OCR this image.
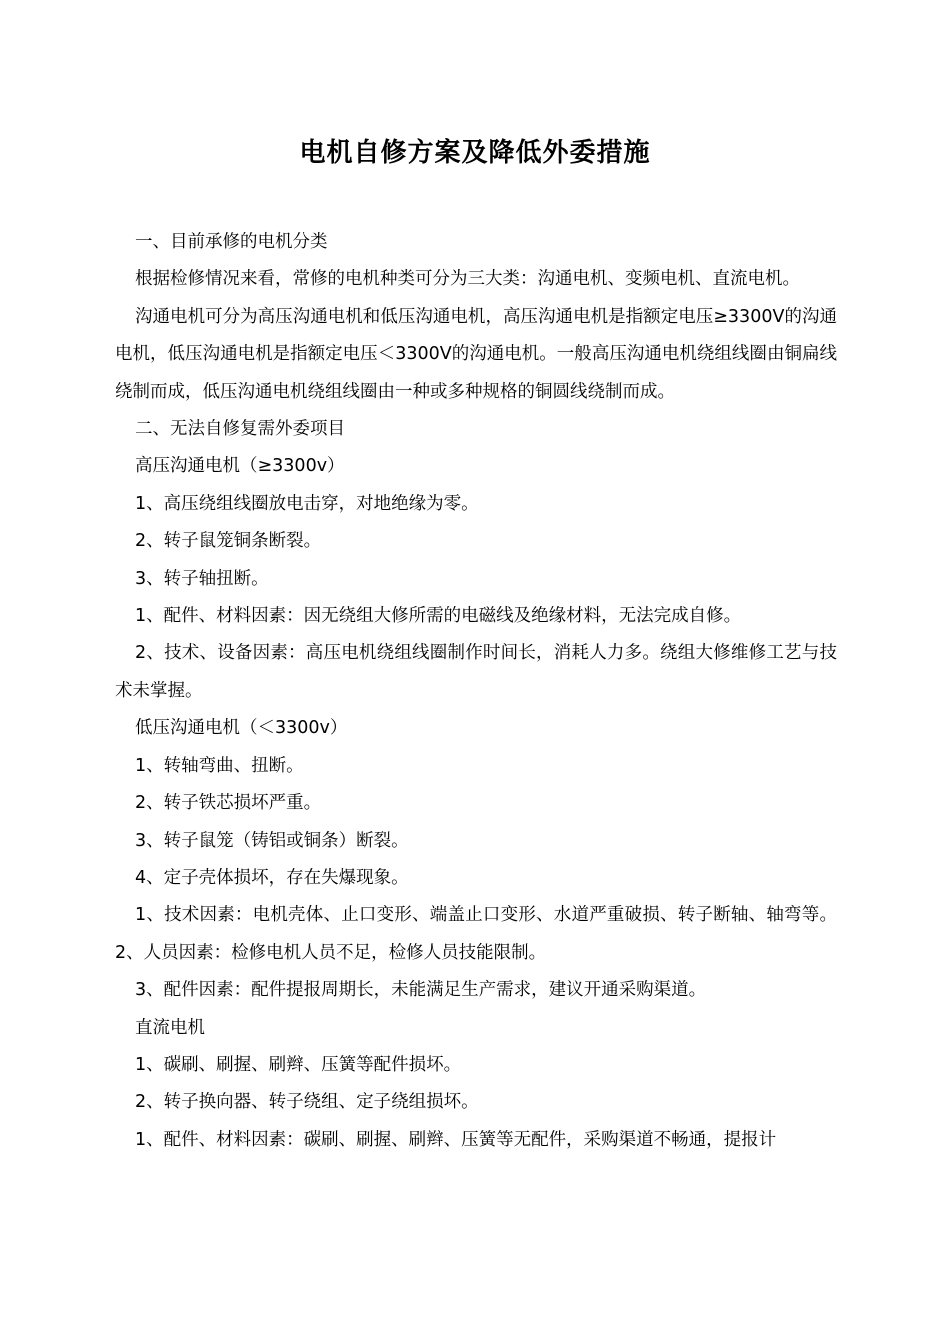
电机自修方案及降低外委措施

一、目前承修的电机分类

根据检修情况来看，常修的电机种类可分为三大类：沟通电机、变频电机、直流电机。

沟通电机可分为高压沟通电机和低压沟通电机，高压沟通电机是指额定电压≥3300V的沟通电机，低压沟通电机是指额定电压＜3300V的沟通电机。一般高压沟通电机绕组线圈由铜扁线绕制而成，低压沟通电机绕组线圈由一种或多种规格的铜圆线绕制而成。

二、无法自修复需外委项目

高压沟通电机（≥3300v）

1、高压绕组线圈放电击穿，对地绝缘为零。

2、转子鼠笼铜条断裂。

3、转子轴扭断。

1、配件、材料因素：因无绕组大修所需的电磁线及绝缘材料，无法完成自修。

2、技术、设备因素：高压电机绕组线圈制作时间长，消耗人力多。绕组大修维修工艺与技术未掌握。

低压沟通电机（＜3300v）

1、转轴弯曲、扭断。

2、转子铁芯损坏严重。

3、转子鼠笼（铸铝或铜条）断裂。

4、定子壳体损坏，存在失爆现象。

1、技术因素：电机壳体、止口变形、端盖止口变形、水道严重破损、转子断轴、轴弯等。2、人员因素：检修电机人员不足，检修人员技能限制。

3、配件因素：配件提报周期长，未能满足生产需求，建议开通采购渠道。

直流电机

1、碳刷、刷握、刷辫、压簧等配件损坏。

2、转子换向器、转子绕组、定子绕组损坏。

1、配件、材料因素：碳刷、刷握、刷辫、压簧等无配件，采购渠道不畅通，提报计
